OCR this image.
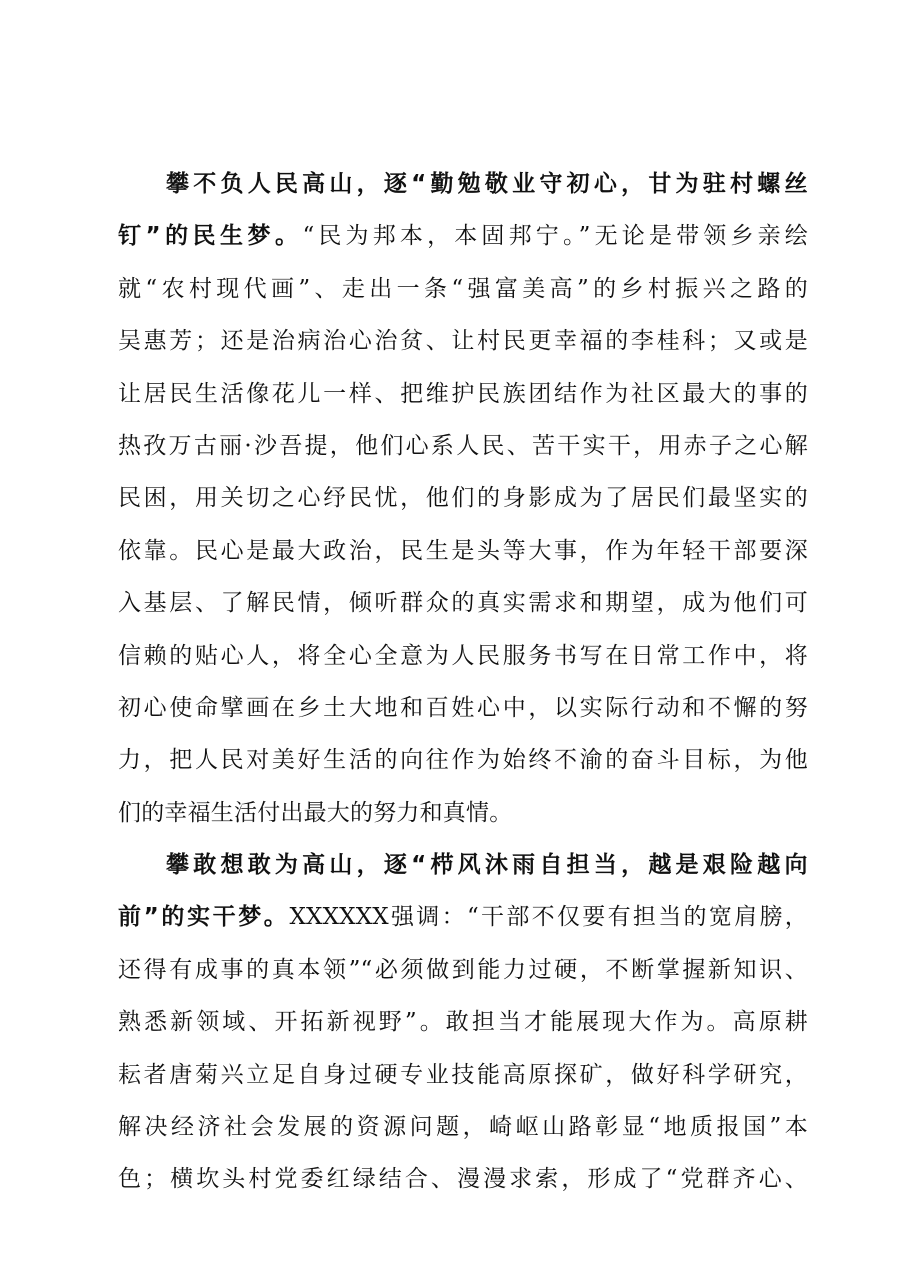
攀不负人民高山，逐“勤勉敬业守初心，甘为驻村螺丝
钉”的民生梦。“民为邦本，本固邦宁。”无论是带领乡亲绘
就“农村现代画”、走出一条“强富美高”的乡村振兴之路的
吴惠芳；还是治病治心治贫、让村民更幸福的李桂科；又或是
让居民生活像花儿一样、把维护民族团结作为社区最大的事的
热孜万古丽·沙吾提，他们心系人民、苦干实干，用赤子之心解
民困，用关切之心纾民忧，他们的身影成为了居民们最坚实的
依靠。民心是最大政治，民生是头等大事，作为年轻干部要深
入基层、了解民情，倾听群众的真实需求和期望，成为他们可
信赖的贴心人，将全心全意为人民服务书写在日常工作中，将
初心使命擘画在乡土大地和百姓心中，以实际行动和不懈的努
力，把人民对美好生活的向往作为始终不渝的奋斗目标，为他
们的幸福生活付出最大的努力和真情。
攀敢想敢为高山，逐“栉风沐雨自担当，越是艰险越向
前”的实干梦。XXXXXX强调：“干部不仅要有担当的宽肩膀，
还得有成事的真本领”“必须做到能力过硬，不断掌握新知识、
熟悉新领域、开拓新视野”。敢担当才能展现大作为。高原耕
耘者唐菊兴立足自身过硬专业技能高原探矿，做好科学研究，
解决经济社会发展的资源问题，崎岖山路彰显“地质报国”本
色；横坎头村党委红绿结合、漫漫求索，形成了“党群齐心、
